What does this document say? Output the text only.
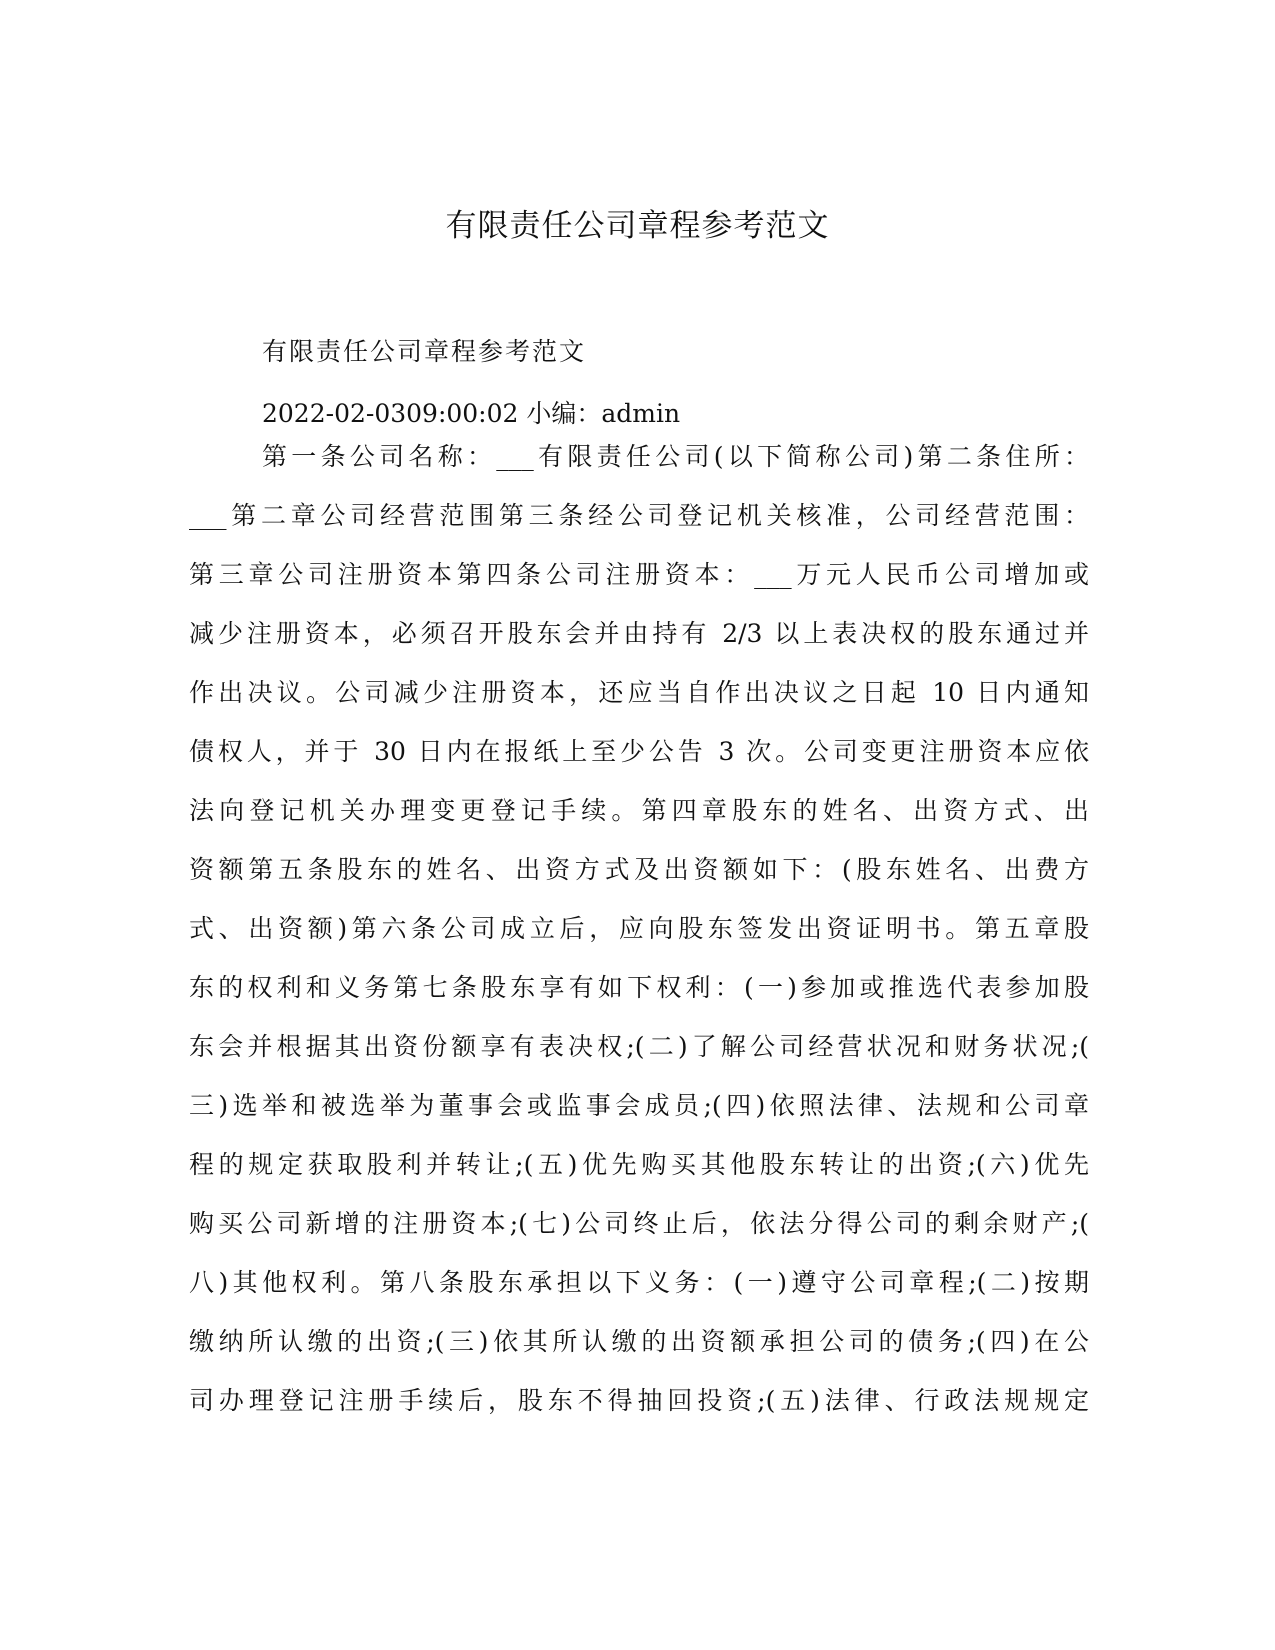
有限责任公司章程参考范文
有限责任公司章程参考范文
2022-02-0309:00:02 小编：admin
第一条公司名称：___有限责任公司(以下简称公司)第二条住所：
___第二章公司经营范围第三条经公司登记机关核准，公司经营范围：
第三章公司注册资本第四条公司注册资本：___万元人民币公司增加或
减少注册资本，必须召开股东会并由持有 2/3 以上表决权的股东通过并
作出决议。公司减少注册资本，还应当自作出决议之日起 10 日内通知
债权人，并于 30 日内在报纸上至少公告 3 次。公司变更注册资本应依
法向登记机关办理变更登记手续。第四章股东的姓名、出资方式、出
资额第五条股东的姓名、出资方式及出资额如下：(股东姓名、出费方
式、出资额)第六条公司成立后，应向股东签发出资证明书。第五章股
东的权利和义务第七条股东享有如下权利：(一)参加或推选代表参加股
东会并根据其出资份额享有表决权;(二)了解公司经营状况和财务状况;(
三)选举和被选举为董事会或监事会成员;(四)依照法律、法规和公司章
程的规定获取股利并转让;(五)优先购买其他股东转让的出资;(六)优先
购买公司新增的注册资本;(七)公司终止后，依法分得公司的剩余财产;(
八)其他权利。第八条股东承担以下义务：(一)遵守公司章程;(二)按期
缴纳所认缴的出资;(三)依其所认缴的出资额承担公司的债务;(四)在公
司办理登记注册手续后，股东不得抽回投资;(五)法律、行政法规规定
